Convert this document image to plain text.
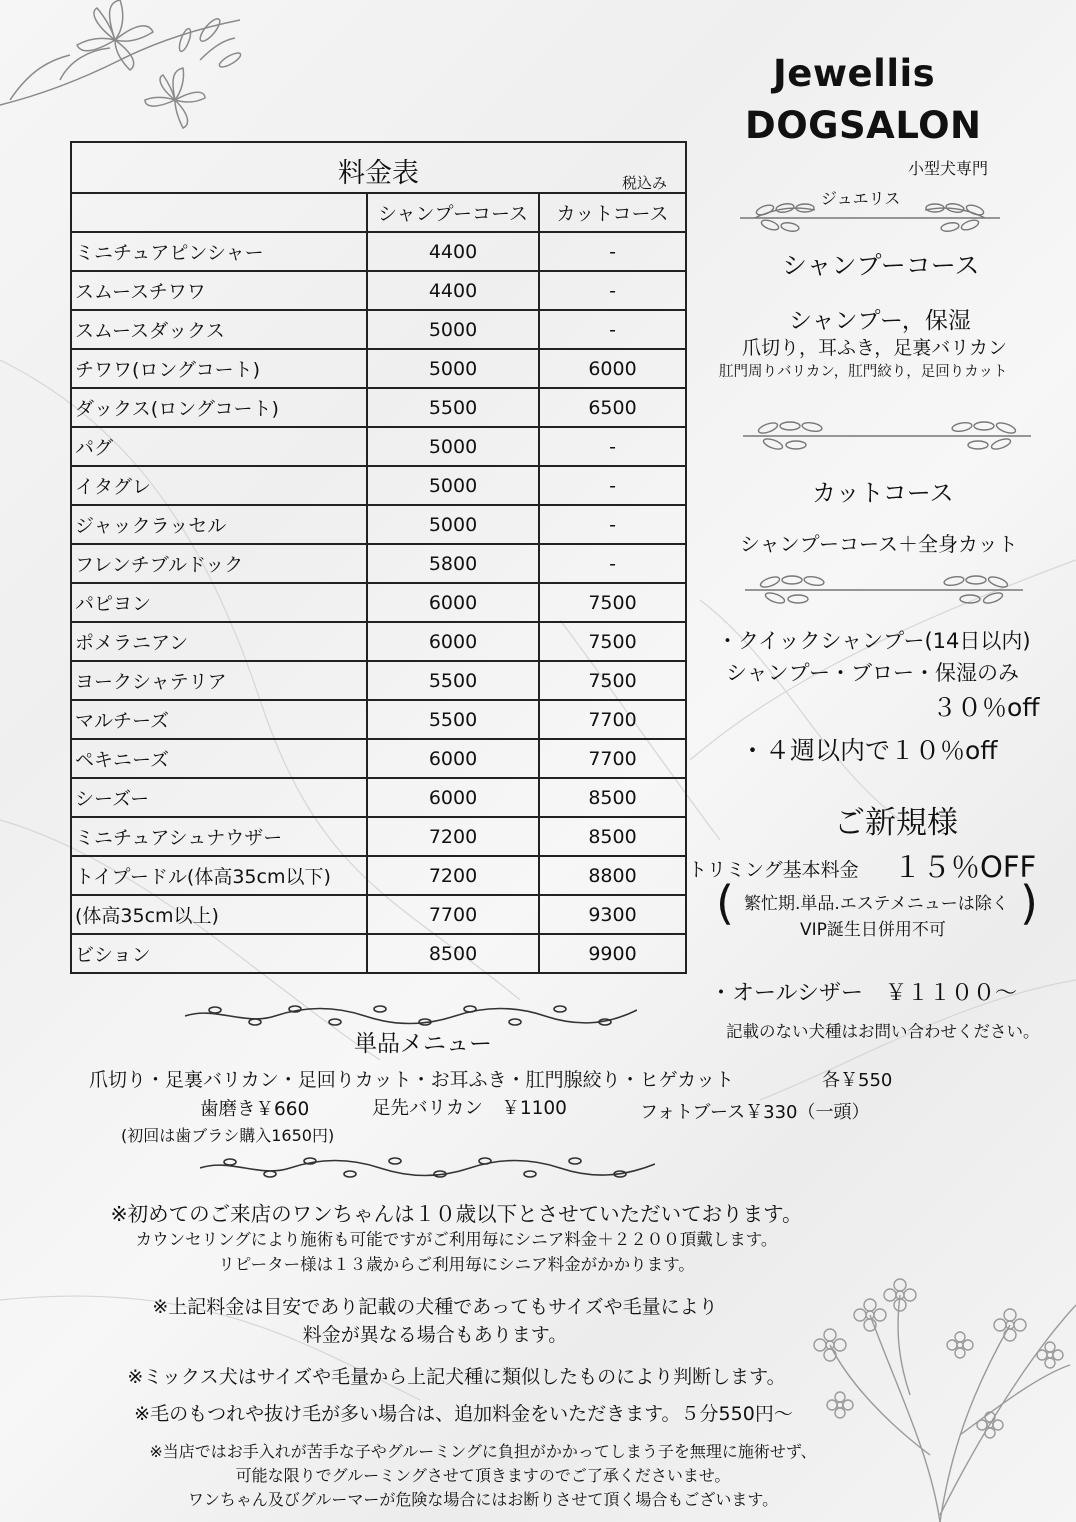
料金表 税込み		

	シャンプーコース	カットコース
ミニチュアピンシャー	4400	-
スムースチワワ	4400	-
スムースダックス	5000	-
チワワ(ロングコート)	5000	6000
ダックス(ロングコート)	5500	6500
パグ	5000	-
イタグレ	5000	-
ジャックラッセル	5000	-
フレンチブルドック	5800	-
パピヨン	6000	7500
ポメラニアン	6000	7500
ヨークシャテリア	5500	7500
マルチーズ	5500	7700
ペキニーズ	6000	7700
シーズー	6000	8500
ミニチュアシュナウザー	7200	8500
トイプードル(体高35cm以下)	7200	8800
(体高35cm以上)	7700	9300
ビション	8500	9900
Jewellis
DOGSALON
小型犬専門
ジュエリス
シャンプーコース
シャンプー，保湿
爪切り，耳ふき，足裏バリカン
肛門周りバリカン，肛門絞り，足回りカット
カットコース
シャンプーコース＋全身カット
・クイックシャンプー(14日以内)
シャンプー・ブロー・保湿のみ
３０％off
・４週以内で１０％off
ご新規様
トリミング基本料金 １５％OFF
(	)
繁忙期.単品.エステメニューは除く
VIP誕生日併用不可
・オールシザー　￥１１００～
記載のない犬種はお問い合わせください。
単品メニュー
爪切り・足裏バリカン・足回りカット・お耳ふき・肛門腺絞り・ヒゲカット	各￥550
歯磨き￥660	足先バリカン　￥1100	フォトブース￥330（一頭）
(初回は歯ブラシ購入1650円)
※初めてのご来店のワンちゃんは１０歳以下とさせていただいております。
カウンセリングにより施術も可能ですがご利用毎にシニア料金＋２２００頂戴します。
リピーター様は１３歳からご利用毎にシニア料金がかかります。
※上記料金は目安であり記載の犬種であってもサイズや毛量により
料金が異なる場合もあります。
※ミックス犬はサイズや毛量から上記犬種に類似したものにより判断します。
※毛のもつれや抜け毛が多い場合は、追加料金をいただきます。５分550円～
※当店ではお手入れが苦手な子やグルーミングに負担がかかってしまう子を無理に施術せず、
可能な限りでグルーミングさせて頂きますのでご了承くださいませ。
ワンちゃん及びグルーマーが危険な場合にはお断りさせて頂く場合もございます。
